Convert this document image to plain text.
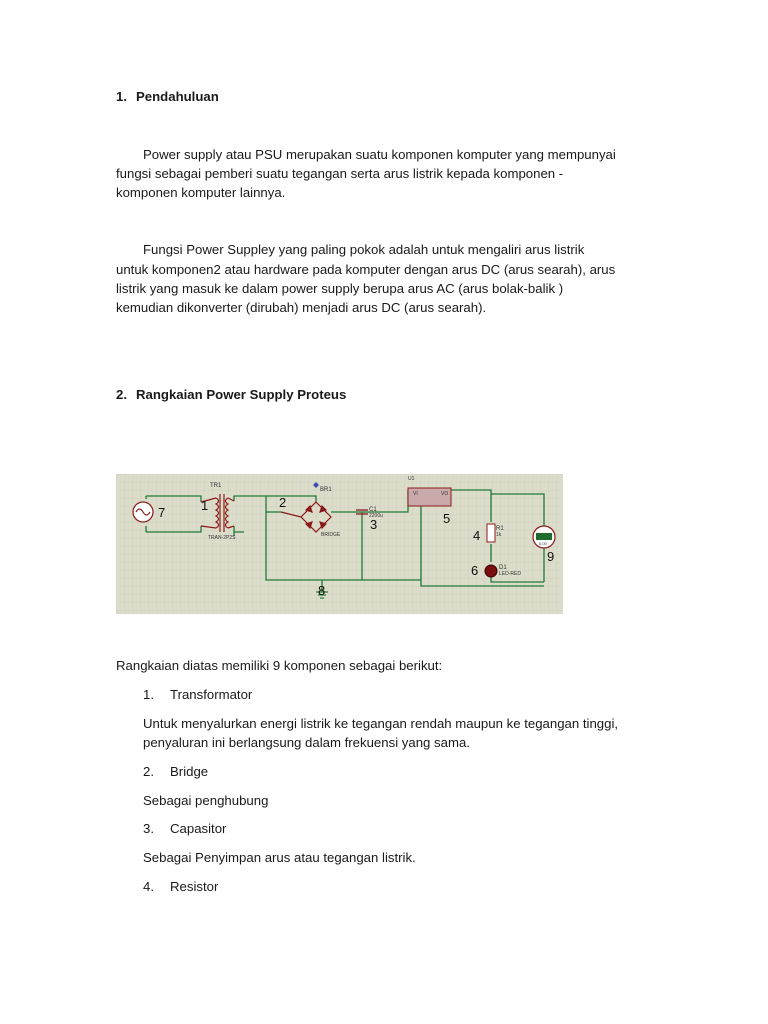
1. Pendahuluan
Power supply atau PSU merupakan suatu komponen komputer yang mempunyai
fungsi sebagai pemberi suatu tegangan serta arus listrik kepada komponen -
komponen komputer lainnya.
Fungsi Power Suppley yang paling pokok adalah untuk mengaliri arus listrik
untuk komponen2 atau hardware pada komputer dengan arus DC (arus searah), arus
listrik yang masuk ke dalam power supply berupa arus AC (arus bolak-balik )
kemudian dikonverter (dirubah) menjadi arus DC (arus searah).
2. Rangkaian Power Supply Proteus
7	1	2
3	5
4
6
9
8
TR1
BR1
C1
2200u
R1
1k
D1
LED-RED
BRIDGE
TRAN-2P2S
VI	VO
U1
0.00
Rangkaian diatas memiliki 9 komponen sebagai berikut:
1. Transformator
Untuk menyalurkan energi listrik ke tegangan rendah maupun ke tegangan tinggi,
penyaluran ini berlangsung dalam frekuensi yang sama.
2. Bridge
Sebagai penghubung
3. Capasitor
Sebagai Penyimpan arus atau tegangan listrik.
4. Resistor
